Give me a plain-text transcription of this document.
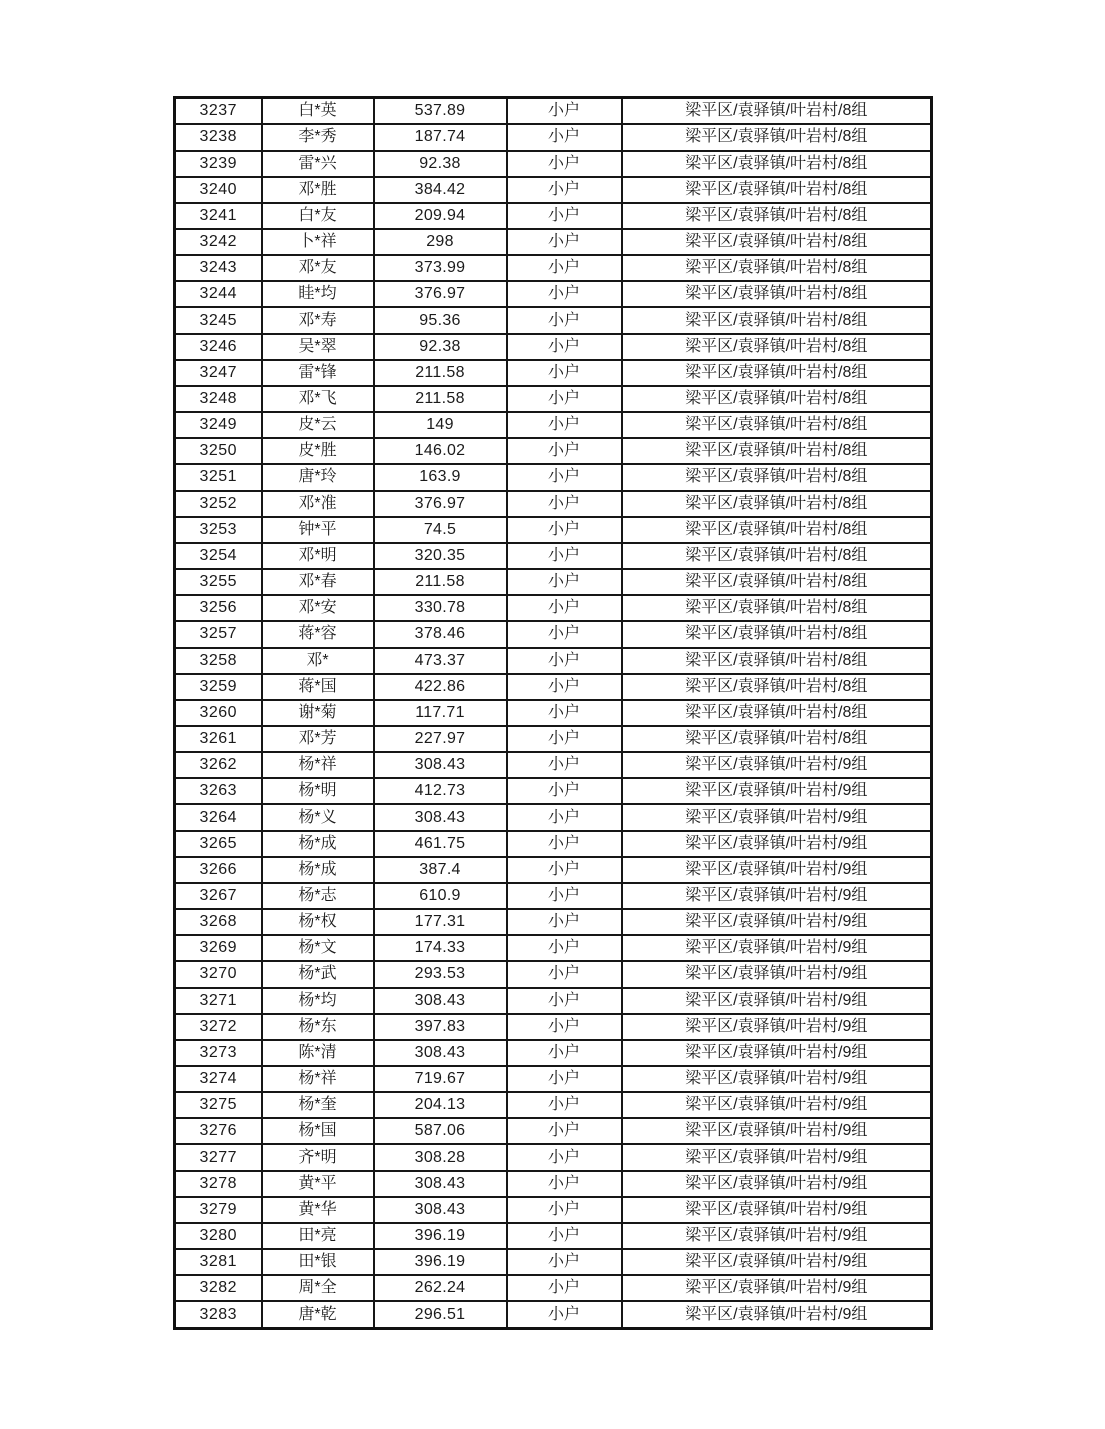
3237	白*英	537.89	小户	梁平区/袁驿镇/叶岩村/8组
3238	李*秀	187.74	小户	梁平区/袁驿镇/叶岩村/8组
3239	雷*兴	92.38	小户	梁平区/袁驿镇/叶岩村/8组
3240	邓*胜	384.42	小户	梁平区/袁驿镇/叶岩村/8组
3241	白*友	209.94	小户	梁平区/袁驿镇/叶岩村/8组
3242	卜*祥	298	小户	梁平区/袁驿镇/叶岩村/8组
3243	邓*友	373.99	小户	梁平区/袁驿镇/叶岩村/8组
3244	眭*均	376.97	小户	梁平区/袁驿镇/叶岩村/8组
3245	邓*寿	95.36	小户	梁平区/袁驿镇/叶岩村/8组
3246	吴*翠	92.38	小户	梁平区/袁驿镇/叶岩村/8组
3247	雷*锋	211.58	小户	梁平区/袁驿镇/叶岩村/8组
3248	邓*飞	211.58	小户	梁平区/袁驿镇/叶岩村/8组
3249	皮*云	149	小户	梁平区/袁驿镇/叶岩村/8组
3250	皮*胜	146.02	小户	梁平区/袁驿镇/叶岩村/8组
3251	唐*玲	163.9	小户	梁平区/袁驿镇/叶岩村/8组
3252	邓*准	376.97	小户	梁平区/袁驿镇/叶岩村/8组
3253	钟*平	74.5	小户	梁平区/袁驿镇/叶岩村/8组
3254	邓*明	320.35	小户	梁平区/袁驿镇/叶岩村/8组
3255	邓*春	211.58	小户	梁平区/袁驿镇/叶岩村/8组
3256	邓*安	330.78	小户	梁平区/袁驿镇/叶岩村/8组
3257	蒋*容	378.46	小户	梁平区/袁驿镇/叶岩村/8组
3258	邓*	473.37	小户	梁平区/袁驿镇/叶岩村/8组
3259	蒋*国	422.86	小户	梁平区/袁驿镇/叶岩村/8组
3260	谢*菊	117.71	小户	梁平区/袁驿镇/叶岩村/8组
3261	邓*芳	227.97	小户	梁平区/袁驿镇/叶岩村/8组
3262	杨*祥	308.43	小户	梁平区/袁驿镇/叶岩村/9组
3263	杨*明	412.73	小户	梁平区/袁驿镇/叶岩村/9组
3264	杨*义	308.43	小户	梁平区/袁驿镇/叶岩村/9组
3265	杨*成	461.75	小户	梁平区/袁驿镇/叶岩村/9组
3266	杨*成	387.4	小户	梁平区/袁驿镇/叶岩村/9组
3267	杨*志	610.9	小户	梁平区/袁驿镇/叶岩村/9组
3268	杨*权	177.31	小户	梁平区/袁驿镇/叶岩村/9组
3269	杨*文	174.33	小户	梁平区/袁驿镇/叶岩村/9组
3270	杨*武	293.53	小户	梁平区/袁驿镇/叶岩村/9组
3271	杨*均	308.43	小户	梁平区/袁驿镇/叶岩村/9组
3272	杨*东	397.83	小户	梁平区/袁驿镇/叶岩村/9组
3273	陈*清	308.43	小户	梁平区/袁驿镇/叶岩村/9组
3274	杨*祥	719.67	小户	梁平区/袁驿镇/叶岩村/9组
3275	杨*奎	204.13	小户	梁平区/袁驿镇/叶岩村/9组
3276	杨*国	587.06	小户	梁平区/袁驿镇/叶岩村/9组
3277	齐*明	308.28	小户	梁平区/袁驿镇/叶岩村/9组
3278	黄*平	308.43	小户	梁平区/袁驿镇/叶岩村/9组
3279	黄*华	308.43	小户	梁平区/袁驿镇/叶岩村/9组
3280	田*亮	396.19	小户	梁平区/袁驿镇/叶岩村/9组
3281	田*银	396.19	小户	梁平区/袁驿镇/叶岩村/9组
3282	周*全	262.24	小户	梁平区/袁驿镇/叶岩村/9组
3283	唐*乾	296.51	小户	梁平区/袁驿镇/叶岩村/9组
